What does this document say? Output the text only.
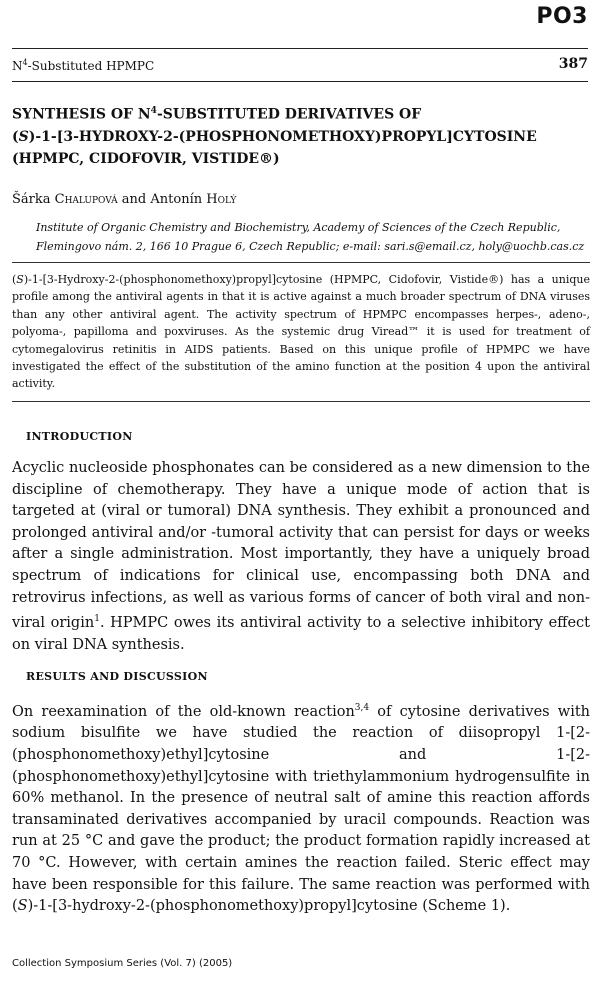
PO3
$N^4$-Substituted HPMPC	387
SYNTHESIS OF $N^4$-SUBSTITUTED DERIVATIVES OF
(S)-1-[3-HYDROXY-2-(PHOSPHONOMETHOXY)PROPYL]CYTOSINE
(HPMPC, CIDOFOVIR, VISTIDE®)
Šárka Chalupová and Antonín Holý
Institute of Organic Chemistry and Biochemistry, Academy of Sciences of the Czech Republic,
Flemingovo nám. 2, 166 10 Prague 6, Czech Republic; e-mail: sari.s@email.cz, holy@uochb.cas.cz
(S)-1-[3-Hydroxy-2-(phosphonomethoxy)propyl]cytosine (HPMPC, Cidofovir, Vistide®) has a unique profile among the antiviral agents in that it is active against a much broader spectrum of DNA viruses than any other antiviral agent. The activity spectrum of HPMPC encompasses herpes-, adeno-, polyoma-, papilloma and poxviruses. As the systemic drug Viread™ it is used for treatment of cytomegalovirus retinitis in AIDS patients. Based on this unique profile of HPMPC we have investigated the effect of the substitution of the amino function at the position 4 upon the antiviral activity.
INTRODUCTION
Acyclic nucleoside phosphonates can be considered as a new dimension to the discipline of chemotherapy. They have a unique mode of action that is targeted at (viral or tumoral) DNA synthesis. They exhibit a pronounced and prolonged antiviral and/or -tumoral activity that can persist for days or weeks after a single administration. Most importantly, they have a uniquely broad spectrum of indications for clinical use, encompassing both DNA and retrovirus infections, as well as various forms of cancer of both viral and non-viral origin$^1$. HPMPC owes its antiviral activity to a selective inhibitory effect on viral DNA synthesis.
RESULTS AND DISCUSSION
On reexamination of the old-known reaction$^{3,4}$ of cytosine derivatives with sodium bisulfite we have studied the reaction of diisopropyl 1-[2-(phosphonomethoxy)ethyl]cytosine and 1-[2-(phosphonomethoxy)ethyl]cytosine with triethylammonium hydrogensulfite in 60% methanol. In the presence of neutral salt of amine this reaction affords transaminated derivatives accompanied by uracil compounds. Reaction was run at 25 °C and gave the product; the product formation rapidly increased at 70 °C. However, with certain amines the reaction failed. Steric effect may have been responsible for this failure. The same reaction was performed with (S)-1-[3-hydroxy-2-(phosphonomethoxy)propyl]cytosine (Scheme 1).
Collection Symposium Series (Vol. 7) (2005)
